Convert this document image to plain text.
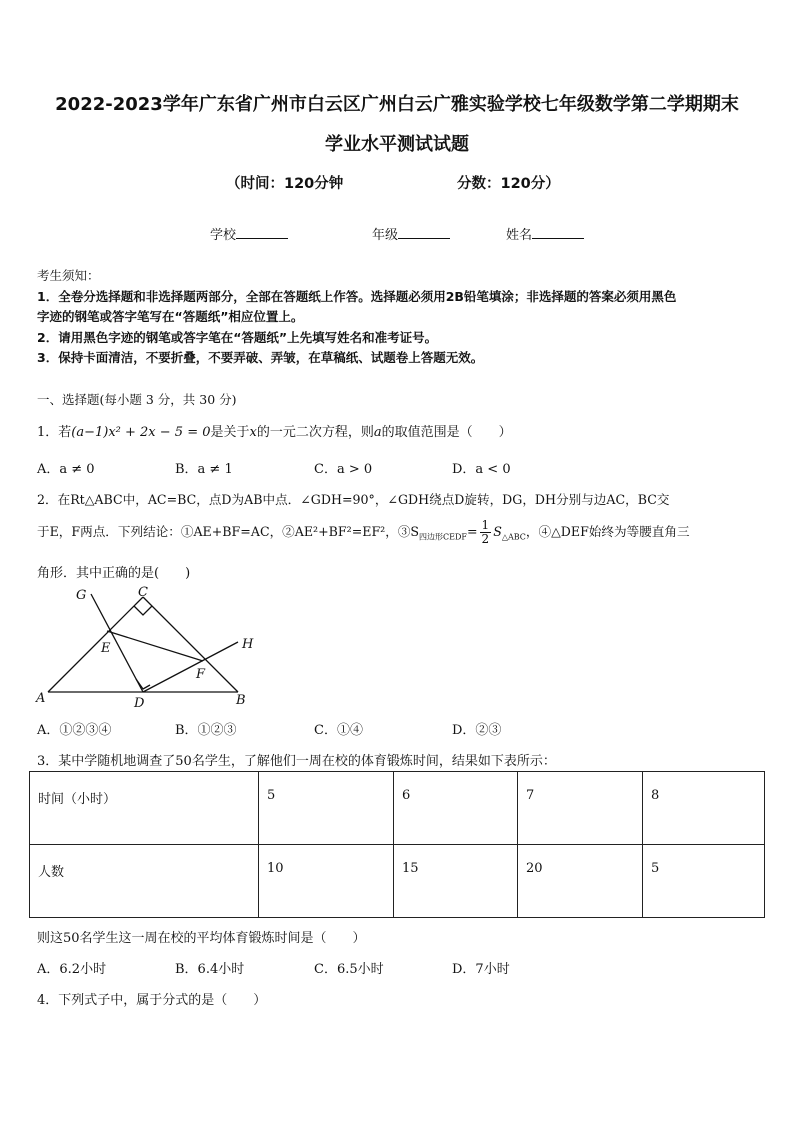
2022-2023学年广东省广州市白云区广州白云广雅实验学校七年级数学第二学期期末
学业水平测试试题
（时间：120分钟	分数：120分）
学校	年级	姓名
考生须知：
1．全卷分选择题和非选择题两部分，全部在答题纸上作答。选择题必须用2B铅笔填涂；非选择题的答案必须用黑色
字迹的钢笔或答字笔写在“答题纸”相应位置上。
2．请用黑色字迹的钢笔或答字笔在“答题纸”上先填写姓名和准考证号。
3．保持卡面清洁，不要折叠，不要弄破、弄皱，在草稿纸、试题卷上答题无效。
一、选择题(每小题 3 分，共 30 分)
1．若(a−1)x² + 2x − 5 = 0是关于x的一元二次方程，则a的取值范围是（　　）
A．a ≠ 0	B．a ≠ 1	C．a > 0	D．a < 0
2．在Rt△ABC中，AC=BC，点D为AB中点．∠GDH=90°，∠GDH绕点D旋转，DG，DH分别与边AC，BC交
于E，F两点．下列结论：①AE+BF=AC，②AE²+BF²=EF²，$③S_{四边形CEDF}= \frac{1}{2} S_{\triangle ABC}$，④△DEF始终为等腰直角三
角形．其中正确的是(　　)
G	C
H
E
F
A	D	B
A．①②③④	B．①②③	C．①④	D．②③
3．某中学随机地调查了50名学生，了解他们一周在校的体育锻炼时间，结果如下表所示：
时间（小时）	5	6	7	8
人数	10	15	20	5
则这50名学生这一周在校的平均体育锻炼时间是（　　）
A．6.2小时	B．6.4小时	C．6.5小时	D．7小时
4．下列式子中，属于分式的是（　　）
